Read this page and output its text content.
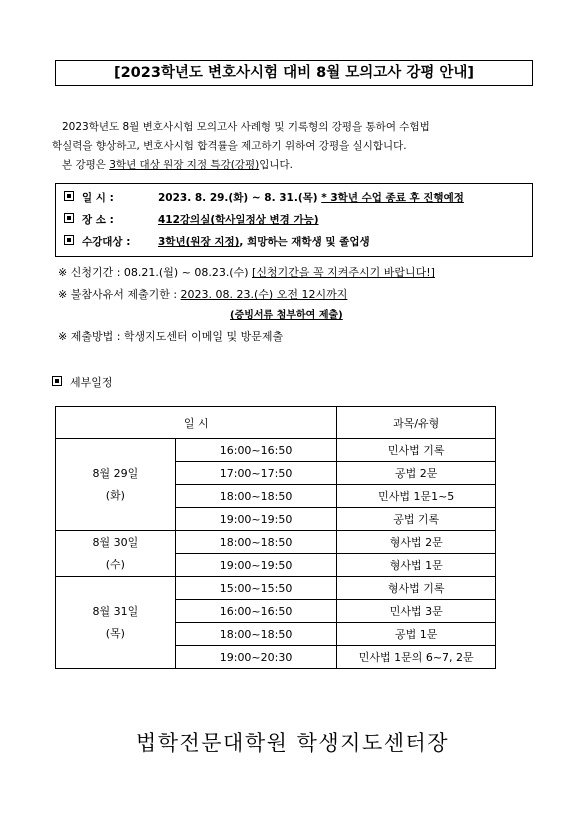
[2023학년도 변호사시험 대비 8월 모의고사 강평 안내]

2023학년도 8월 변호사시험 모의고사 사례형 및 기록형의 강평을 통하여 수험법

학실력을 향상하고, 변호사시험 합격률을 제고하기 위하여 강평을 실시합니다.

본 강평은 3학년 대상 원장 지정 특강(강평)입니다.

일 시 :	2023. 8. 29.(화) ~ 8. 31.(목) * 3학년 수업 종료 후 진행예정
장 소 :	412강의실(학사일정상 변경 가능)
수강대상 :	3학년(원장 지정), 희망하는 재학생 및 졸업생
※ 신청기간 : 08.21.(월) ~ 08.23.(수) [신청기간을 꼭 지켜주시기 바랍니다!]
※ 불참사유서 제출기한 : 2023. 08. 23.(수) 오전 12시까지
(증빙서류 첨부하여 제출)
※ 제출방법 : 학생지도센터 이메일 및 방문제출
세부일정
일 시		과목/유형

8월 29일
(화)	16:00~16:50	민사법 기록
	17:00~17:50	공법 2문
	18:00~18:50	민사법 1문1~5
	19:00~19:50	공법 기록

8월 30일
(수)	18:00~18:50	형사법 2문
	19:00~19:50	형사법 1문

8월 31일
(목)	15:00~15:50	형사법 기록
	16:00~16:50	민사법 3문
	18:00~18:50	공법 1문
	19:00~20:30	민사법 1문의 6~7, 2문
법학전문대학원 학생지도센터장
